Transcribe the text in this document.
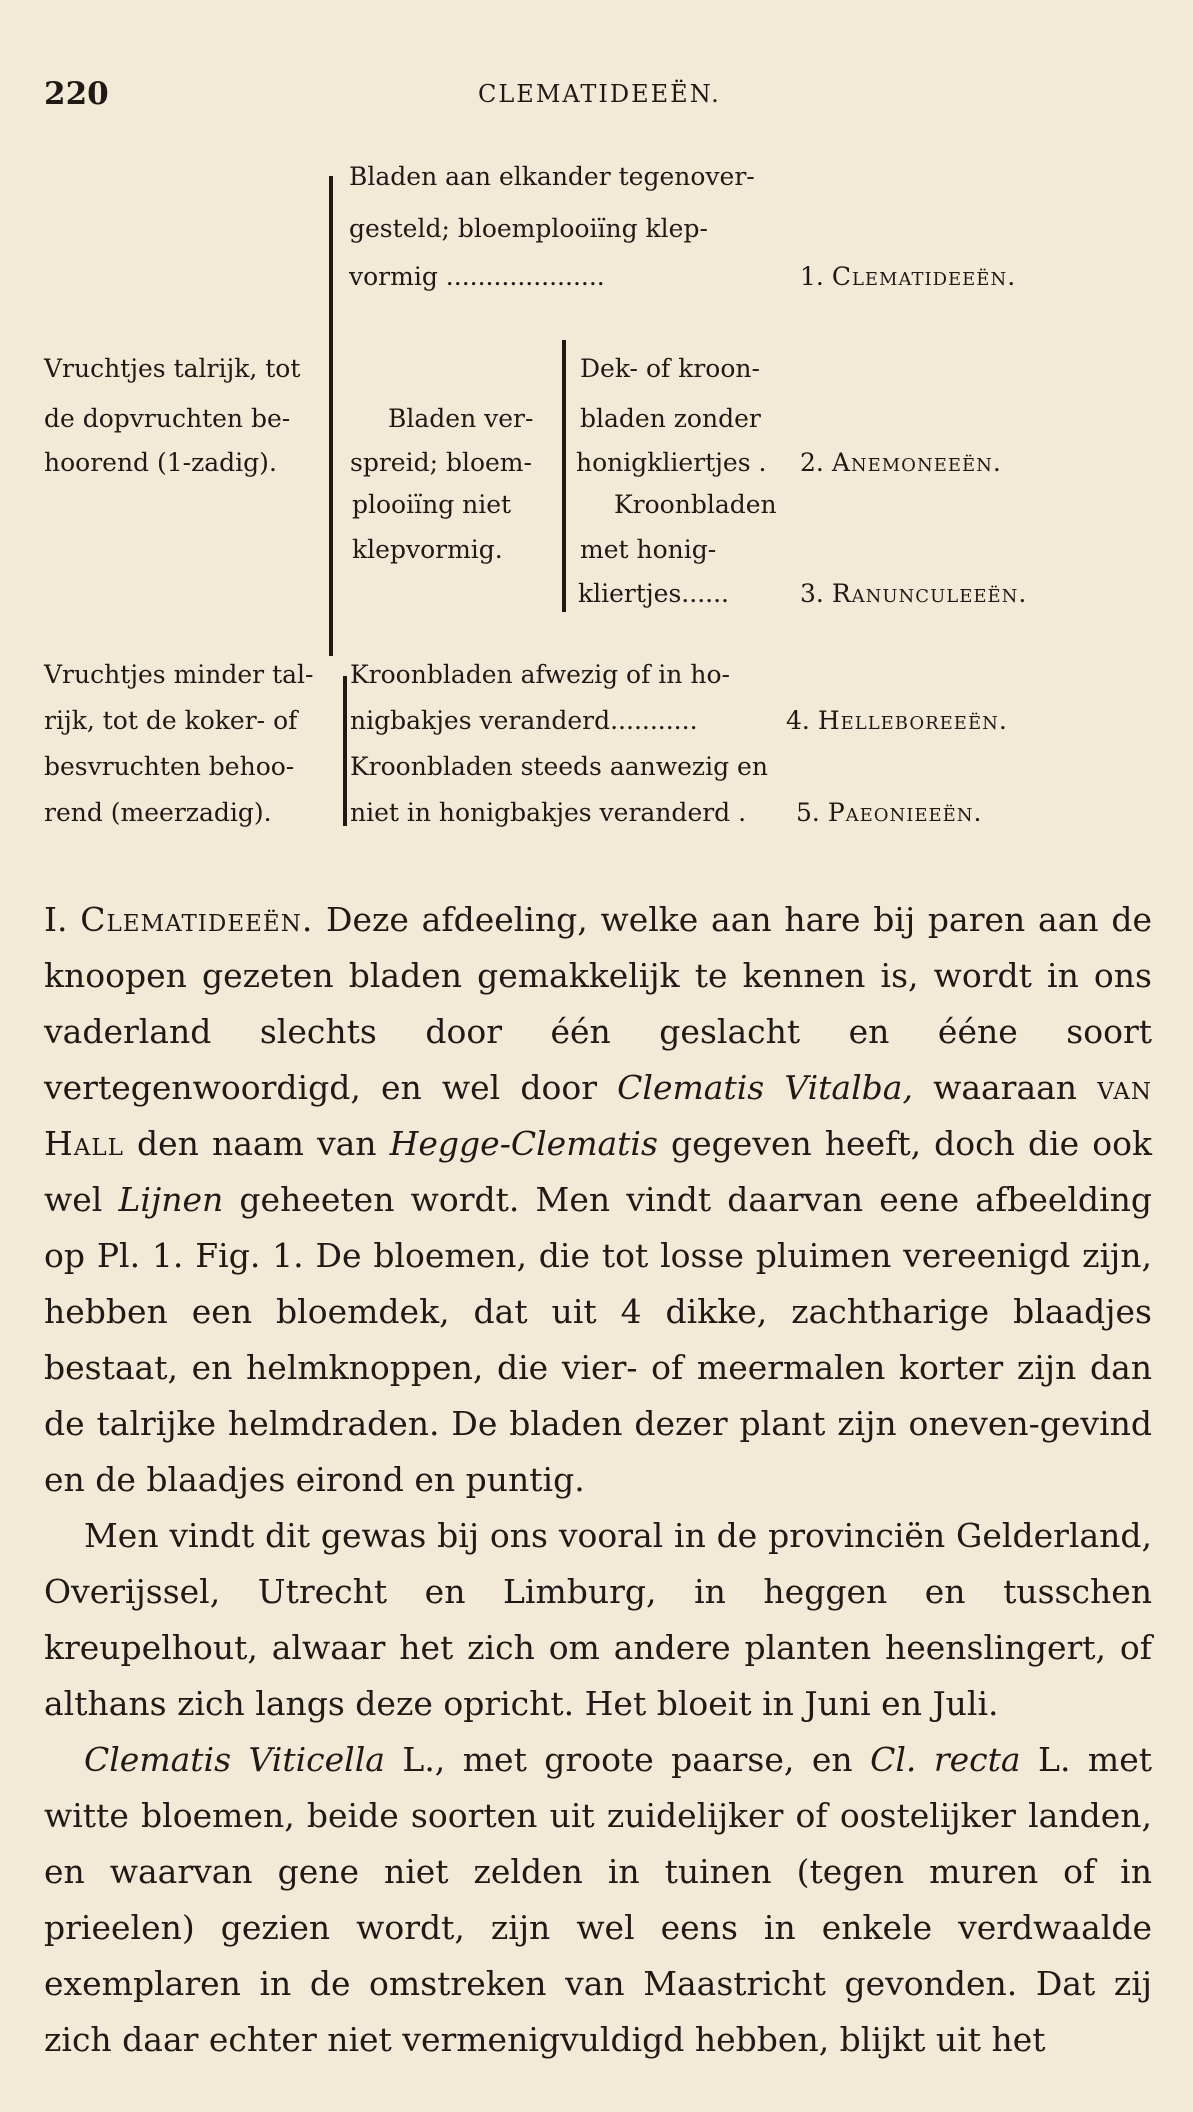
220	CLEMATIDEEËN.
Bladen aan elkander tegenover-
gesteld; bloemplooiïng klep-
vormig ....................
Vruchtjes talrijk, tot
de dopvruchten be-
hoorend (1-zadig).
Bladen ver-
spreid; bloem-
plooiïng niet
klepvormig.
Dek- of kroon-
bladen zonder
honigkliertjes .
Kroonbladen
met honig-
kliertjes......
Vruchtjes minder tal-
rijk, tot de koker- of
besvruchten behoo-
rend (meerzadig).
Kroonbladen afwezig of in ho-
nigbakjes veranderd...........
Kroonbladen steeds aanwezig en
niet in honigbakjes veranderd .
1. Clematideeën.
2. Anemoneeën.
3. Ranunculeeën.
4. Helleboreeën.
5. Paeonieeën.

I. Clematideeën. Deze afdeeling, welke aan hare bij paren aan de knoopen gezeten bladen gemakkelijk te kennen is, wordt in ons vaderland slechts door één geslacht en ééne soort vertegenwoordigd, en wel door Clematis Vitalba, waaraan van Hall den naam van Hegge-Clematis gegeven heeft, doch die ook wel Lijnen geheeten wordt. Men vindt daarvan eene afbeelding op Pl. 1. Fig. 1. De bloemen, die tot losse pluimen vereenigd zijn, hebben een bloemdek, dat uit 4 dikke, zachtharige blaadjes bestaat, en helmknoppen, die vier- of meermalen korter zijn dan de talrijke helmdraden. De bladen dezer plant zijn oneven-gevind en de blaadjes eirond en puntig.

Men vindt dit gewas bij ons vooral in de provinciën Gelderland, Overijssel, Utrecht en Limburg, in heggen en tusschen kreupelhout, alwaar het zich om andere planten heenslingert, of althans zich langs deze opricht. Het bloeit in Juni en Juli.

Clematis Viticella L., met groote paarse, en Cl. recta L. met witte bloemen, beide soorten uit zuidelijker of oostelijker landen, en waarvan gene niet zelden in tuinen (tegen muren of in prieelen) gezien wordt, zijn wel eens in enkele verdwaalde exemplaren in de omstreken van Maastricht gevonden. Dat zij zich daar echter niet vermenigvuldigd hebben, blijkt uit het
